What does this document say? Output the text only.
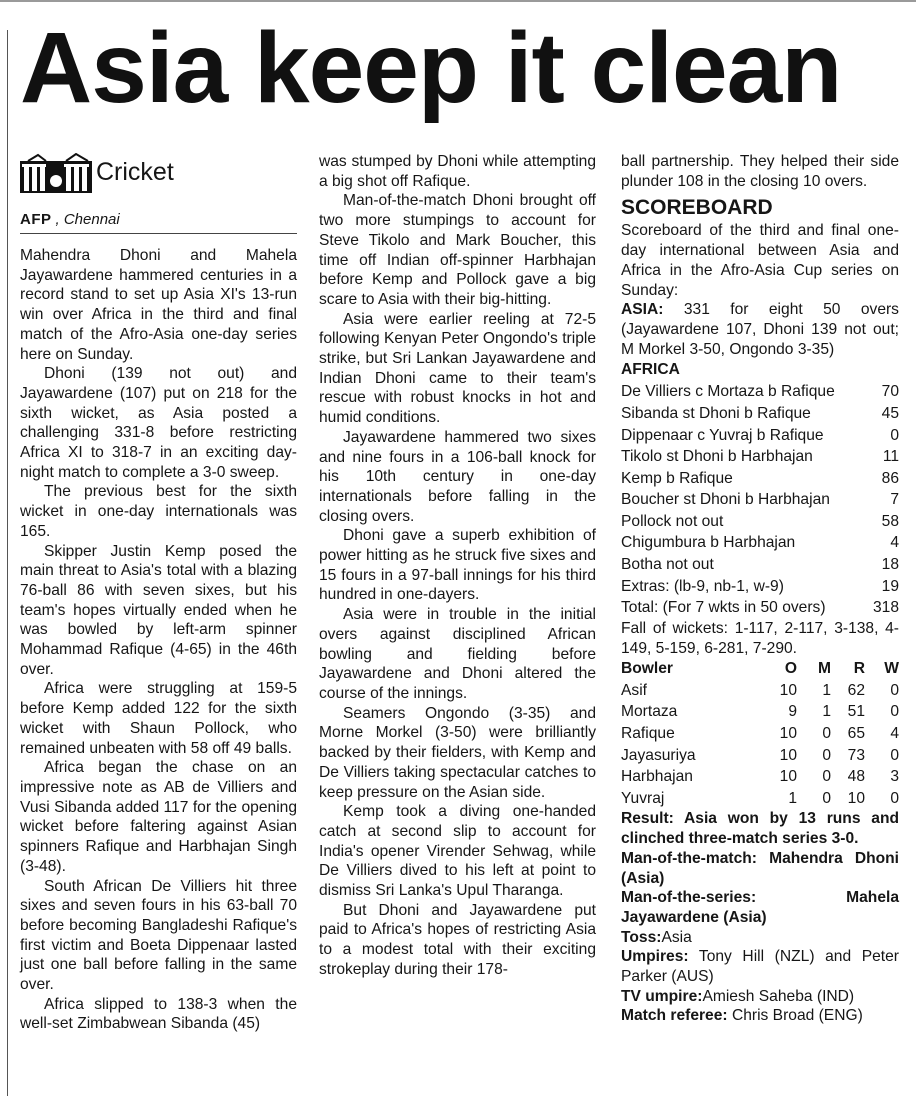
Asia keep it clean
Cricket
AFP , Chennai

Mahendra Dhoni and Mahela Jayawardene hammered centuries in a record stand to set up Asia XI's 13-run win over Africa in the third and final match of the Afro-Asia one-day series here on Sunday.

Dhoni (139 not out) and Jayawardene (107) put on 218 for the sixth wicket, as Asia posted a challenging 331-8 before restricting Africa XI to 318-7 in an exciting day-night match to complete a 3-0 sweep.

The previous best for the sixth wicket in one-day internationals was 165.

Skipper Justin Kemp posed the main threat to Asia's total with a blazing 76-ball 86 with seven sixes, but his team's hopes virtually ended when he was bowled by left-arm spinner Mohammad Rafique (4-65) in the 46th over.

Africa were struggling at 159-5 before Kemp added 122 for the sixth wicket with Shaun Pollock, who remained unbeaten with 58 off 49 balls.

Africa began the chase on an impressive note as AB de Villiers and Vusi Sibanda added 117 for the opening wicket before faltering against Asian spinners Rafique and Harbhajan Singh (3-48).

South African De Villiers hit three sixes and seven fours in his 63-ball 70 before becoming Bangladeshi Rafique's first victim and Boeta Dippenaar lasted just one ball before falling in the same over.

Africa slipped to 138-3 when the well-set Zimbabwean Sibanda (45)

was stumped by Dhoni while attempting a big shot off Rafique.

Man-of-the-match Dhoni brought off two more stumpings to account for Steve Tikolo and Mark Boucher, this time off Indian off-spinner Harbhajan before Kemp and Pollock gave a big scare to Asia with their big-hitting.

Asia were earlier reeling at 72-5 following Kenyan Peter Ongondo's triple strike, but Sri Lankan Jayawardene and Indian Dhoni came to their team's rescue with robust knocks in hot and humid conditions.

Jayawardene hammered two sixes and nine fours in a 106-ball knock for his 10th century in one-day internationals before falling in the closing overs.

Dhoni gave a superb exhibition of power hitting as he struck five sixes and 15 fours in a 97-ball innings for his third hundred in one-dayers.

Asia were in trouble in the initial overs against disciplined African bowling and fielding before Jayawardene and Dhoni altered the course of the innings.

Seamers Ongondo (3-35) and Morne Morkel (3-50) were brilliantly backed by their fielders, with Kemp and De Villiers taking spectacular catches to keep pressure on the Asian side.

Kemp took a diving one-handed catch at second slip to account for India's opener Virender Sehwag, while De Villiers dived to his left at point to dismiss Sri Lanka's Upul Tharanga.

But Dhoni and Jayawardene put paid to Africa's hopes of restricting Asia to a modest total with their exciting strokeplay during their 178-

ball partnership. They helped their side plunder 108 in the closing 10 overs.

SCOREBOARD

Scoreboard of the third and final one-day international between Asia and Africa in the Afro-Asia Cup series on Sunday:

ASIA: 331 for eight 50 overs (Jayawardene 107, Dhoni 139 not out; M Morkel 3-50, Ongondo 3-35)

AFRICA
De Villiers c Mortaza b Rafique	70
Sibanda st Dhoni b Rafique	45
Dippenaar c Yuvraj b Rafique	0
Tikolo st Dhoni b Harbhajan	11
Kemp b Rafique	86
Boucher st Dhoni b Harbhajan	7
Pollock not out	58
Chigumbura b Harbhajan	4
Botha not out	18
Extras: (lb-9, nb-1, w-9)	19
Total: (For 7 wkts in 50 overs)	318

Fall of wickets: 1-117, 2-117, 3-138, 4-149, 5-159, 6-281, 7-290.

Bowler	O	M	R	W
Asif	10	1	62	0
Mortaza	9	1	51	0
Rafique	10	0	65	4
Jayasuriya	10	0	73	0
Harbhajan	10	0	48	3
Yuvraj	1	0	10	0

Result: Asia won by 13 runs and clinched three-match series 3-0.

Man-of-the-match: Mahendra Dhoni (Asia)

Man-of-the-series: Mahela Jayawardene (Asia)

Toss:Asia

Umpires: Tony Hill (NZL) and Peter Parker (AUS)

TV umpire:Amiesh Saheba (IND)

Match referee: Chris Broad (ENG)
